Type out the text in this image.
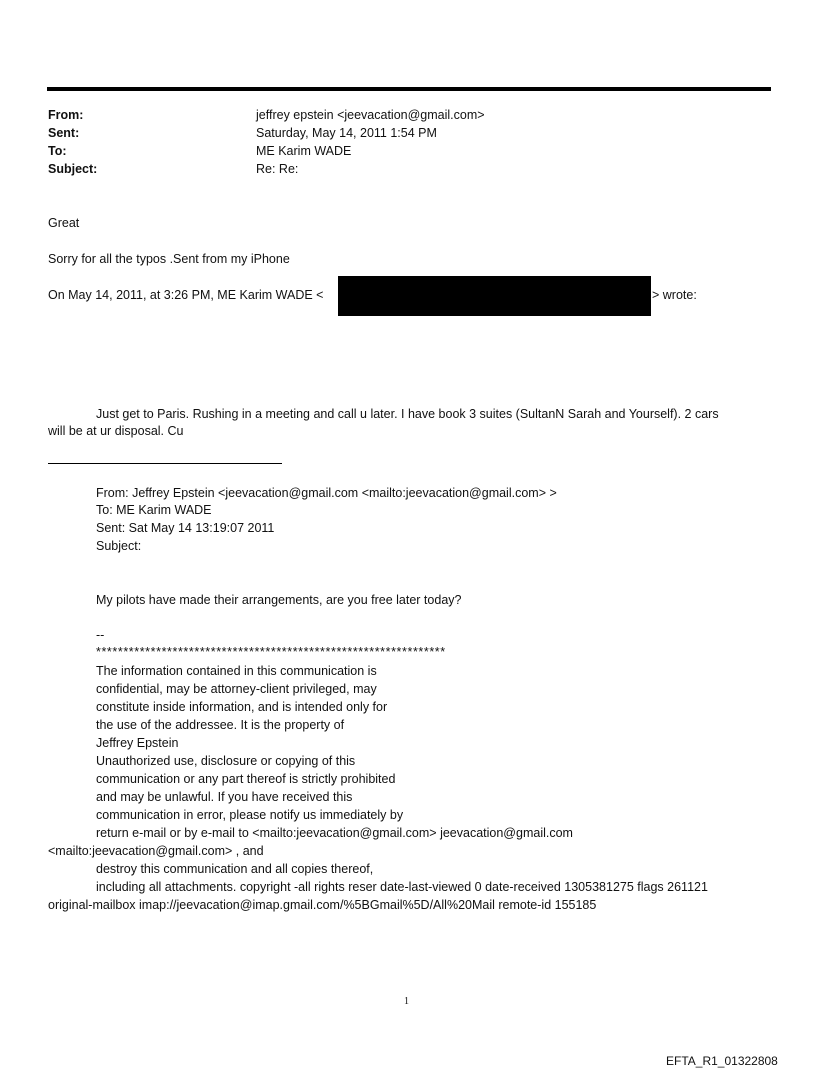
From:	jeffrey epstein <jeevacation@gmail.com>
Sent:	Saturday, May 14, 2011 1:54 PM
To:	ME Karim WADE
Subject:	Re: Re:
Great
Sorry for all the typos .Sent from my iPhone
On May 14, 2011, at 3:26 PM, ME Karim WADE <	> wrote:
Just get to Paris. Rushing in a meeting and call u later. I have book 3 suites (SultanN Sarah and Yourself). 2 cars
will be at ur disposal. Cu
From: Jeffrey Epstein <jeevacation@gmail.com <mailto:jeevacation@gmail.com> >
To: ME Karim WADE
Sent: Sat May 14 13:19:07 2011
Subject:
My pilots have made their arrangements, are you free later today?
--
****************************************************************
The information contained in this communication is
confidential, may be attorney-client privileged, may
constitute inside information, and is intended only for
the use of the addressee. It is the property of
Jeffrey Epstein
Unauthorized use, disclosure or copying of this
communication or any part thereof is strictly prohibited
and may be unlawful. If you have received this
communication in error, please notify us immediately by
return e-mail or by e-mail to <mailto:jeevacation@gmail.com> jeevacation@gmail.com
<mailto:jeevacation@gmail.com> , and
destroy this communication and all copies thereof,
including all attachments. copyright -all rights reser date-last-viewed 0 date-received 1305381275 flags 261121
original-mailbox imap://jeevacation@imap.gmail.com/%5BGmail%5D/All%20Mail remote-id 155185
1
EFTA_R1_01322808
